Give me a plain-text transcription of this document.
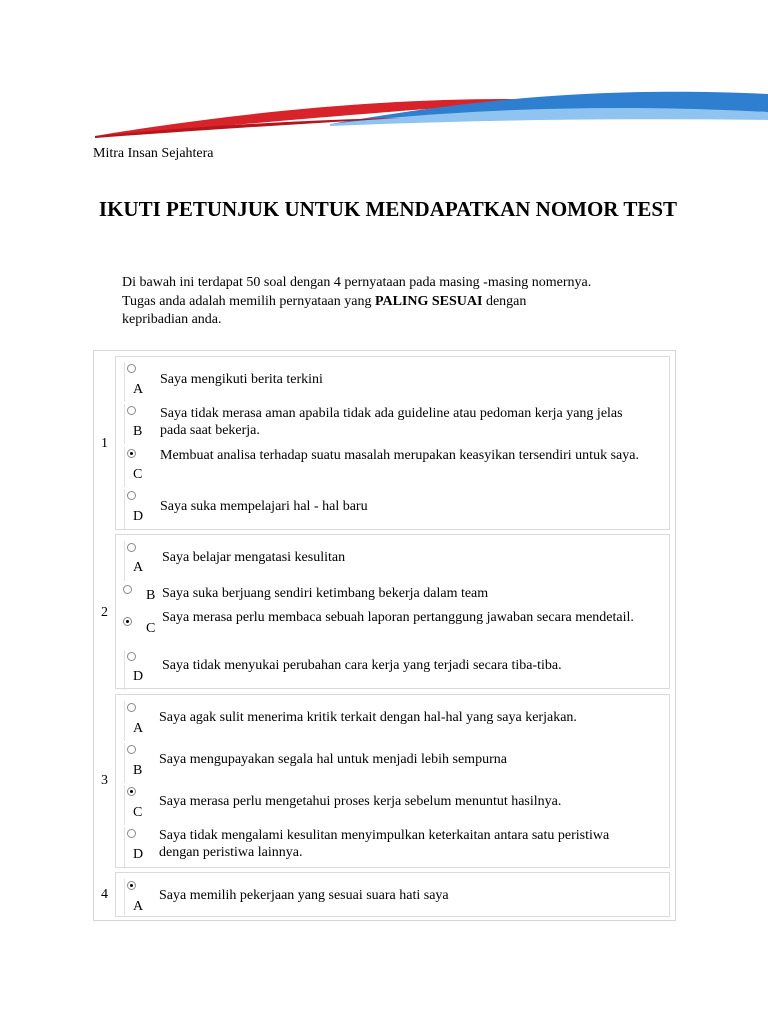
Mitra Insan Sejahtera
IKUTI PETUNJUK UNTUK MENDAPATKAN NOMOR TEST
Di bawah ini terdapat 50 soal dengan 4 pernyataan pada masing -masing nomernya.
Tugas anda adalah memilih pernyataan yang PALING SESUAI dengan
kepribadian anda.
1
A
Saya mengikuti berita terkini
B
Saya tidak merasa aman apabila tidak ada guideline atau pedoman kerja yang jelas pada saat bekerja.
C
Membuat analisa terhadap suatu masalah merupakan keasyikan tersendiri untuk saya.
D
Saya suka mempelajari hal - hal baru
2
A
Saya belajar mengatasi kesulitan
B Saya suka berjuang sendiri ketimbang bekerja dalam team
C
Saya merasa perlu membaca sebuah laporan pertanggung jawaban secara mendetail.
D
Saya tidak menyukai perubahan cara kerja yang terjadi secara tiba-tiba.
3
A
Saya agak sulit menerima kritik terkait dengan hal-hal yang saya kerjakan.
B
Saya mengupayakan segala hal untuk menjadi lebih sempurna
C
Saya merasa perlu mengetahui proses kerja sebelum menuntut hasilnya.
D
Saya tidak mengalami kesulitan menyimpulkan keterkaitan antara satu peristiwa dengan peristiwa lainnya.
4
A
Saya memilih pekerjaan yang sesuai suara hati saya
